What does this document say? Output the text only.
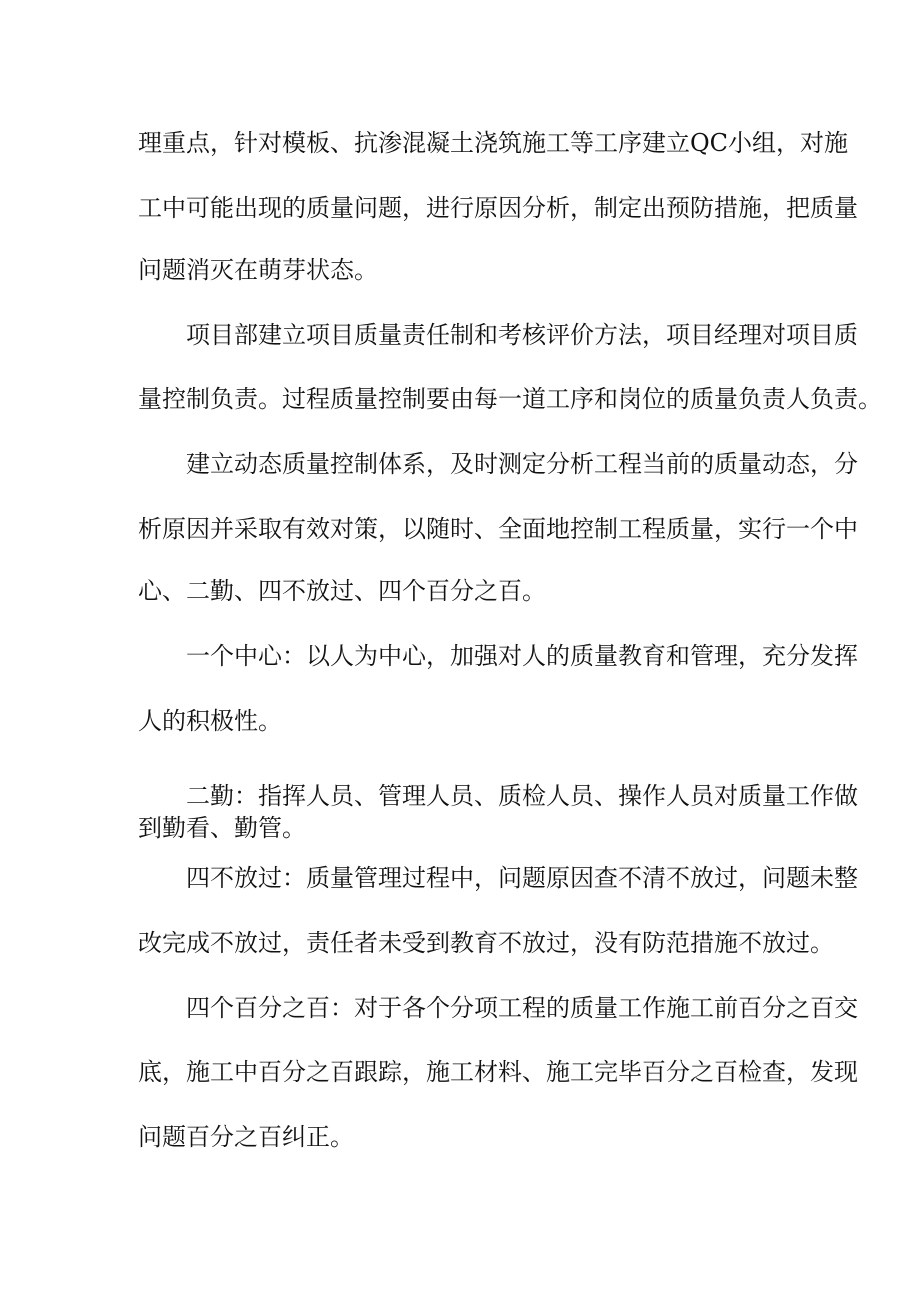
理重点，针对模板、抗渗混凝土浇筑施工等工序建立QC小组，对施
工中可能出现的质量问题，进行原因分析，制定出预防措施，把质量
问题消灭在萌芽状态。
项目部建立项目质量责任制和考核评价方法，项目经理对项目质
量控制负责。过程质量控制要由每一道工序和岗位的质量负责人负责。
建立动态质量控制体系，及时测定分析工程当前的质量动态，分
析原因并采取有效对策，以随时、全面地控制工程质量，实行一个中
心、二勤、四不放过、四个百分之百。
一个中心：以人为中心，加强对人的质量教育和管理，充分发挥
人的积极性。
二勤：指挥人员、管理人员、质检人员、操作人员对质量工作做
到勤看、勤管。
四不放过：质量管理过程中，问题原因查不清不放过，问题未整
改完成不放过，责任者未受到教育不放过，没有防范措施不放过。
四个百分之百：对于各个分项工程的质量工作施工前百分之百交
底，施工中百分之百跟踪，施工材料、施工完毕百分之百检查，发现
问题百分之百纠正。
